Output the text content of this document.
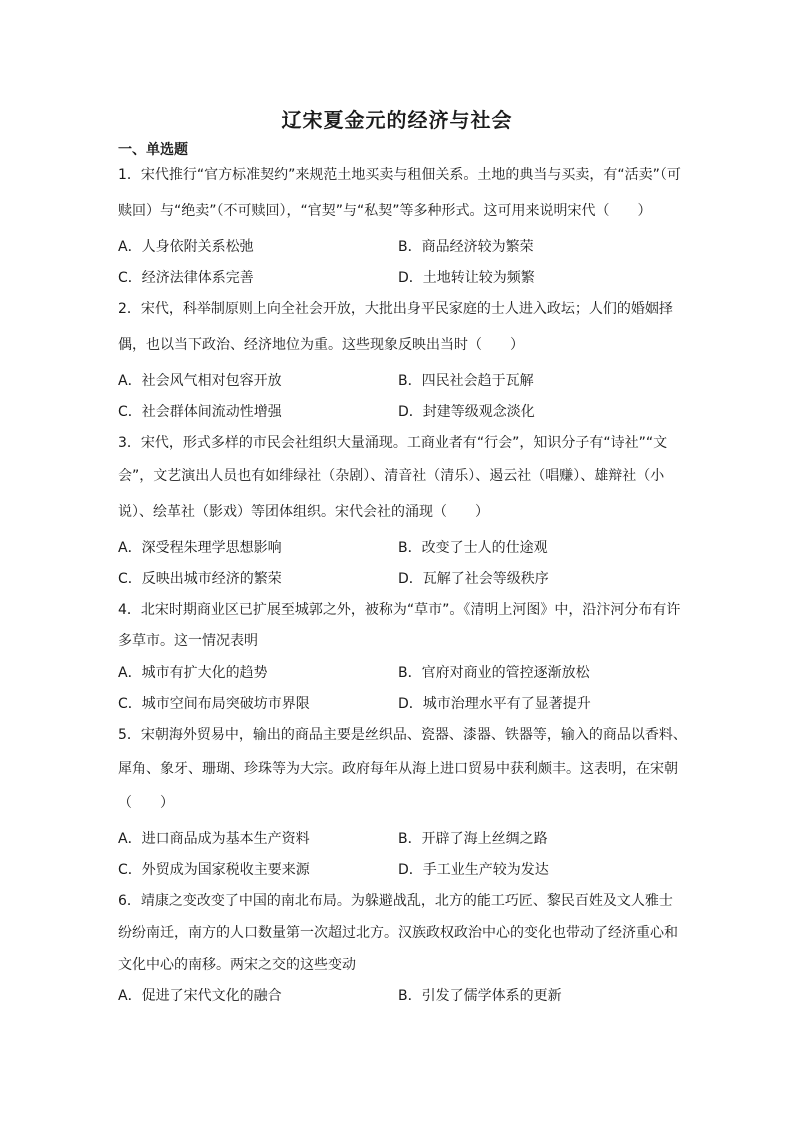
辽宋夏金元的经济与社会
一、单选题
1．宋代推行“官方标准契约”来规范土地买卖与租佃关系。土地的典当与买卖，有“活卖”（可
赎回）与“绝卖”（不可赎回），“官契”与“私契”等多种形式。这可用来说明宋代（　　）
A．人身依附关系松弛	B．商品经济较为繁荣
C．经济法律体系完善	D．土地转让较为频繁
2．宋代，科举制原则上向全社会开放，大批出身平民家庭的士人进入政坛；人们的婚姻择
偶，也以当下政治、经济地位为重。这些现象反映出当时（　　）
A．社会风气相对包容开放	B．四民社会趋于瓦解
C．社会群体间流动性增强	D．封建等级观念淡化
3．宋代，形式多样的市民会社组织大量涌现。工商业者有“行会”，知识分子有“诗社”“文
会”，文艺演出人员也有如绯绿社（杂剧）、清音社（清乐）、遏云社（唱赚）、雄辩社（小
说）、绘革社（影戏）等团体组织。宋代会社的涌现（　　）
A．深受程朱理学思想影响	B．改变了士人的仕途观
C．反映出城市经济的繁荣	D．瓦解了社会等级秩序
4．北宋时期商业区已扩展至城郭之外，被称为“草市”。《清明上河图》中，沿汴河分布有许
多草市。这一情况表明
A．城市有扩大化的趋势	B．官府对商业的管控逐渐放松
C．城市空间布局突破坊市界限	D．城市治理水平有了显著提升
5．宋朝海外贸易中，输出的商品主要是丝织品、瓷器、漆器、铁器等，输入的商品以香料、
犀角、象牙、珊瑚、珍珠等为大宗。政府每年从海上进口贸易中获利颇丰。这表明，在宋朝
（　　）
A．进口商品成为基本生产资料	B．开辟了海上丝绸之路
C．外贸成为国家税收主要来源	D．手工业生产较为发达
6．靖康之变改变了中国的南北布局。为躲避战乱，北方的能工巧匠、黎民百姓及文人雅士
纷纷南迁，南方的人口数量第一次超过北方。汉族政权政治中心的变化也带动了经济重心和
文化中心的南移。两宋之交的这些变动
A．促进了宋代文化的融合	B．引发了儒学体系的更新
